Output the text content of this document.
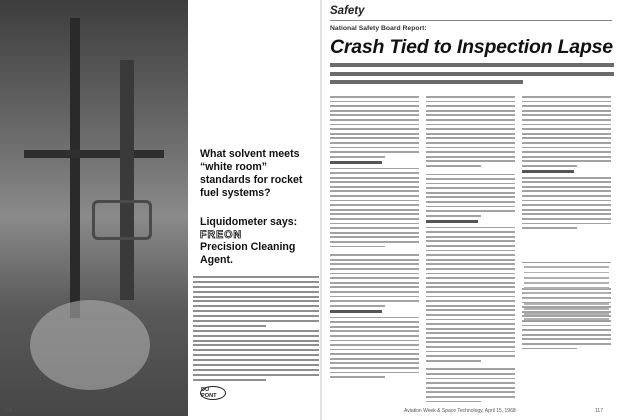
What solvent meets “white room” standards for rocket fuel systems?
Liquidometer says:
FREON
Precision Cleaning Agent.
DU PONT
116
Safety
National Safety Board Report:
Crash Tied to Inspection Lapse
Aviation Week & Space Technology, April 15, 1968	117
